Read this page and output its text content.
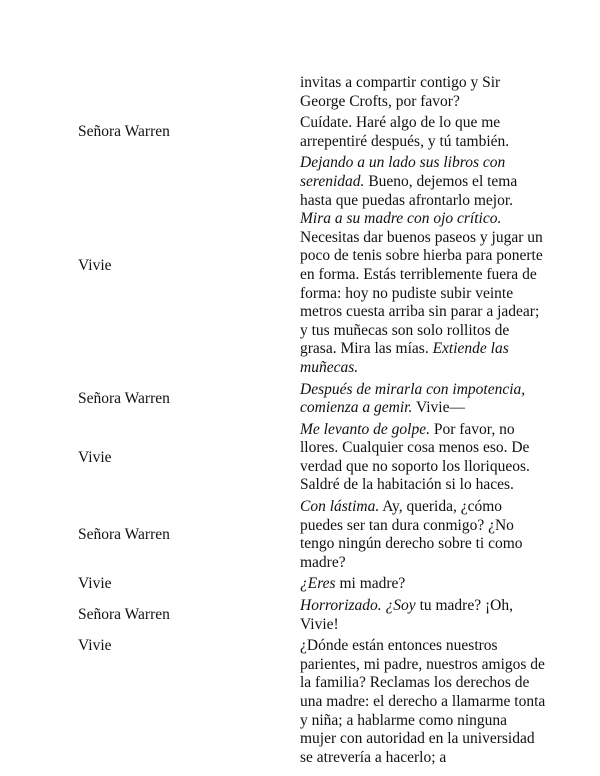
invitas a compartir contigo y Sir George Crofts, por favor?
Señora Warren
Cuídate. Haré algo de lo que me arrepentiré después, y tú también.
Vivie
Dejando a un lado sus libros con serenidad. Bueno, dejemos el tema hasta que puedas afrontarlo mejor. Mira a su madre con ojo crítico. Necesitas dar buenos paseos y jugar un poco de tenis sobre hierba para ponerte en forma. Estás terriblemente fuera de forma: hoy no pudiste subir veinte metros cuesta arriba sin parar a jadear; y tus muñecas son solo rollitos de grasa. Mira las mías. Extiende las muñecas.
Señora Warren
Después de mirarla con impotencia, comienza a gemir. Vivie—
Vivie
Me levanto de golpe. Por favor, no llores. Cualquier cosa menos eso. De verdad que no soporto los lloriqueos. Saldré de la habitación si lo haces.
Señora Warren
Con lástima. Ay, querida, ¿cómo puedes ser tan dura conmigo? ¿No tengo ningún derecho sobre ti como madre?
Vivie	¿Eres mi madre?
Señora Warren
Horrorizado. ¿Soy tu madre? ¡Oh, Vivie!
Vivie	¿Dónde están entonces nuestros parientes, mi padre, nuestros amigos de la familia? Reclamas los derechos de una madre: el derecho a llamarme tonta y niña; a hablarme como ninguna mujer con autoridad en la universidad se atrevería a hacerlo; a
